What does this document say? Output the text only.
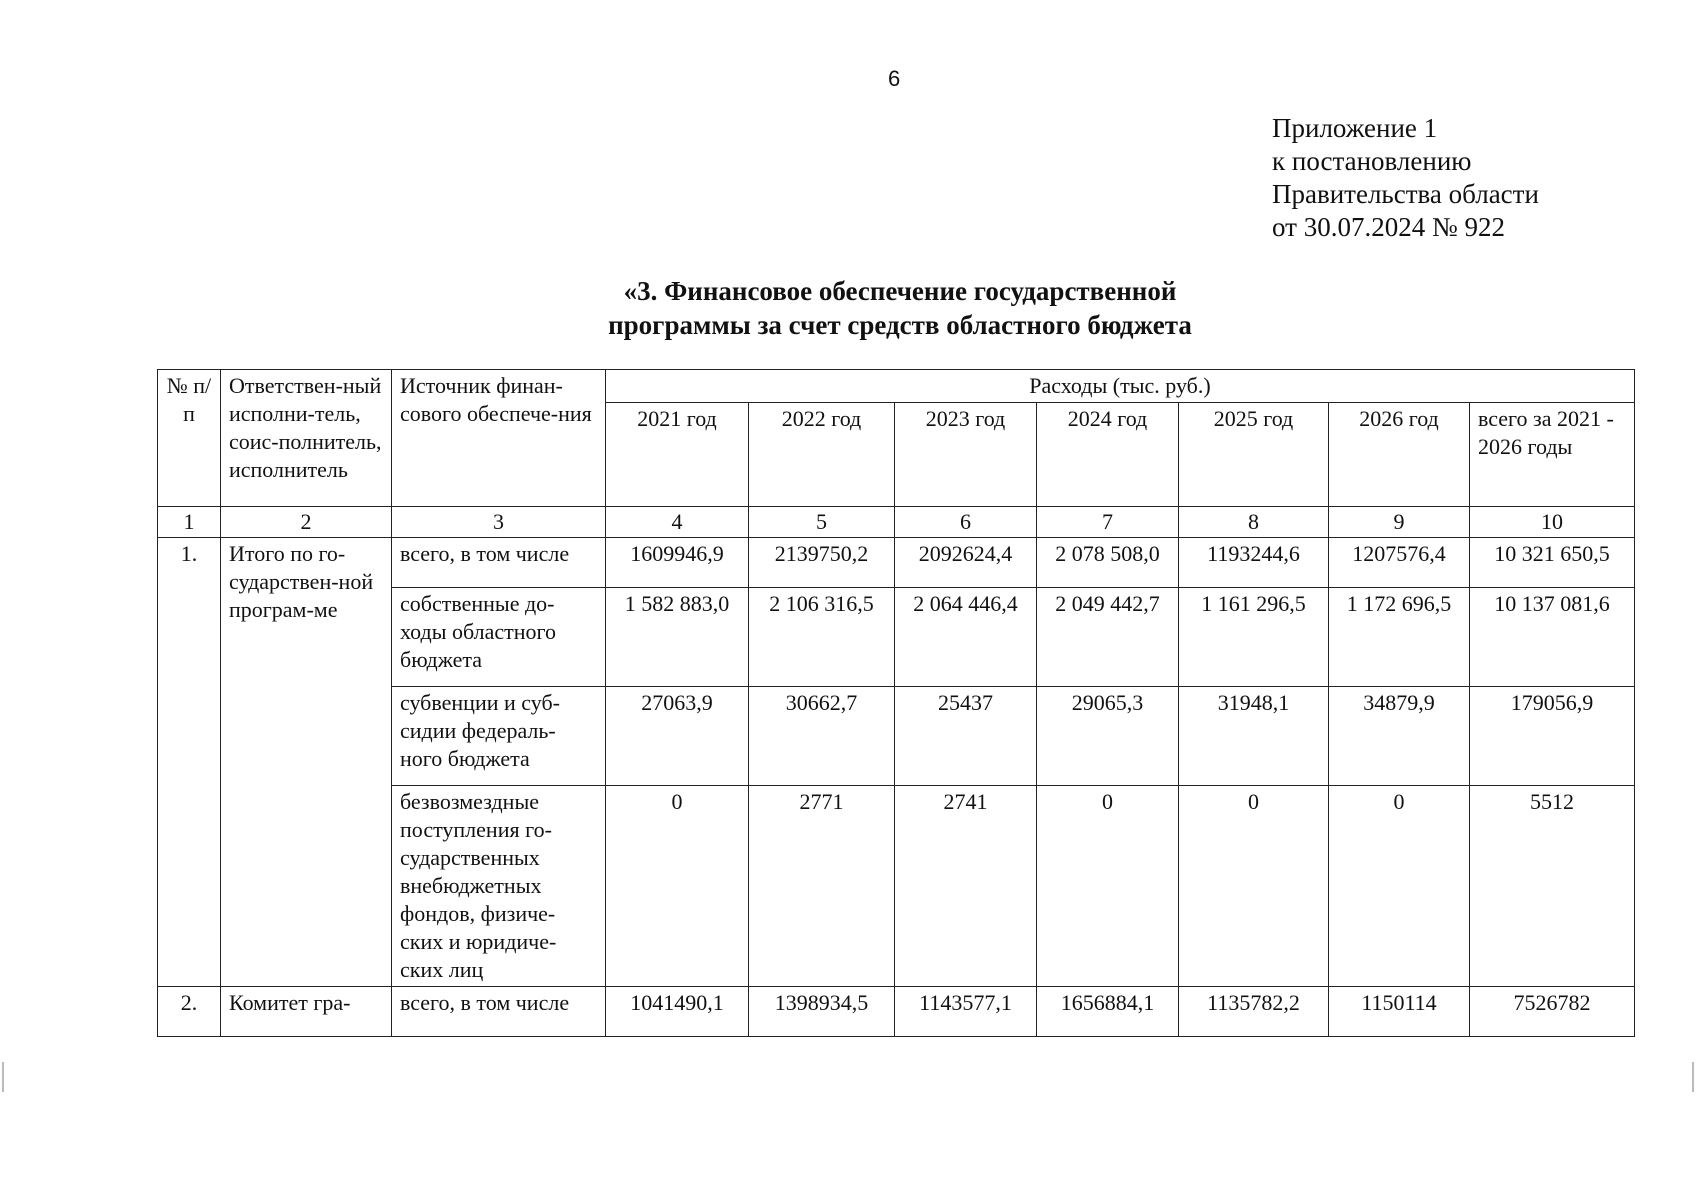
6
Приложение 1
к постановлению
Правительства области
от 30.07.2024 № 922
«3. Финансовое обеспечение государственной
программы за счет средств областного бюджета
№ п/п	Ответствен-ный исполни-тель, соис-полнитель, исполнитель	Источник финан-сового обеспече-ния	Расходы (тыс. руб.)						
			2021 год	2022 год	2023 год	2024 год	2025 год	2026 год	всего за 2021 - 2026 годы
1	2	3	4	5	6	7	8	9	10
1.	Итого по го-сударствен-ной програм-ме	всего, в том числе	1609946,9	2139750,2	2092624,4	2 078 508,0	1193244,6	1207576,4	10 321 650,5
		собственные до-ходы областного бюджета	1 582 883,0	2 106 316,5	2 064 446,4	2 049 442,7	1 161 296,5	1 172 696,5	10 137 081,6
		субвенции и суб-сидии федераль-ного бюджета	27063,9	30662,7	25437	29065,3	31948,1	34879,9	179056,9
		безвозмездные поступления го-сударственных внебюджетных фондов, физиче-ских и юридиче-ских лиц	0	2771	2741	0	0	0	5512
2.	Комитет гра-	всего, в том числе	1041490,1	1398934,5	1143577,1	1656884,1	1135782,2	1150114	7526782
